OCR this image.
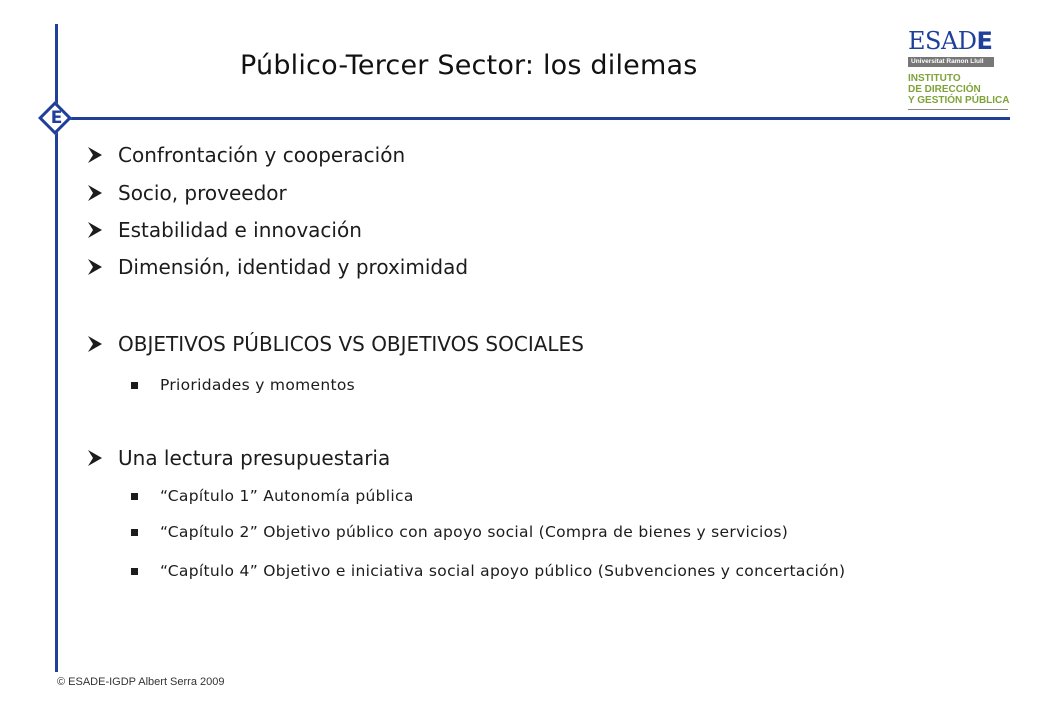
E
Público-Tercer Sector: los dilemas
ESADE
Universitat Ramon Llull
INSTITUTO
DE DIRECCIÓN
Y GESTIÓN PÚBLICA
Confrontación y cooperación
Socio, proveedor
Estabilidad e innovación
Dimensión, identidad y proximidad
OBJETIVOS PÚBLICOS VS OBJETIVOS SOCIALES
Prioridades y momentos
Una lectura presupuestaria
“Capítulo 1” Autonomía pública
“Capítulo 2” Objetivo público con apoyo social (Compra de bienes y servicios)
“Capítulo 4” Objetivo e iniciativa social apoyo público (Subvenciones y concertación)
© ESADE-IGDP Albert Serra 2009
